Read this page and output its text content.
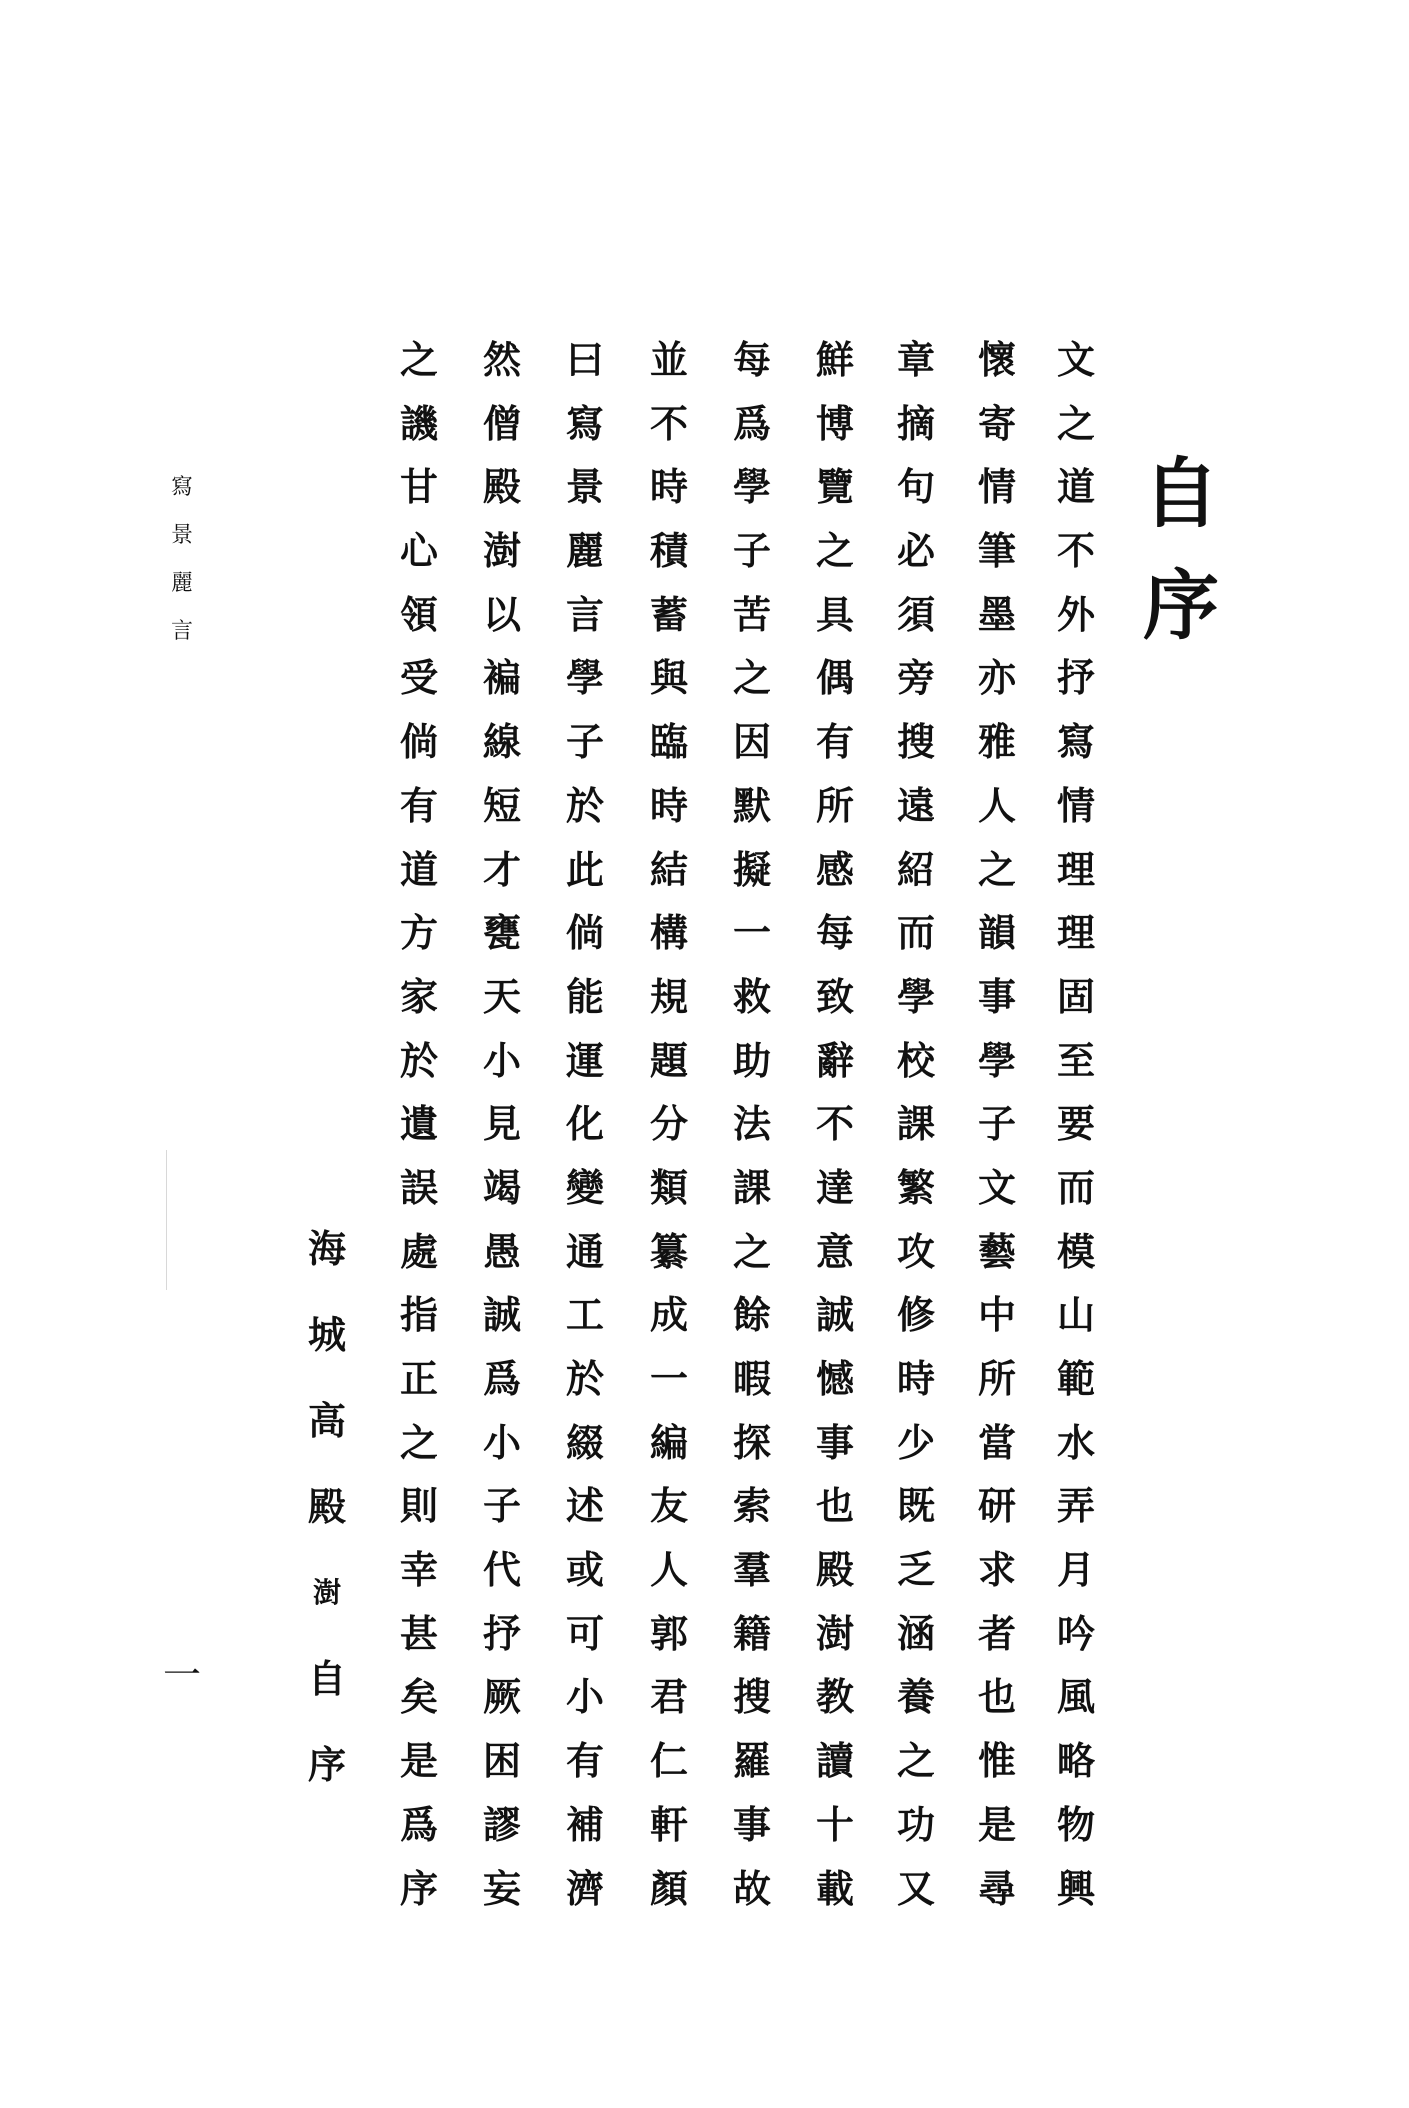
自
序
文
之
道
不
外
抒
寫
情
理
理
固
至
要
而
模
山
範
水
弄
月
吟
風
略
物
興
懷
寄
情
筆
墨
亦
雅
人
之
韻
事
學
子
文
藝
中
所
當
研
求
者
也
惟
是
尋
章
摘
句
必
須
旁
搜
遠
紹
而
學
校
課
繁
攻
修
時
少
既
乏
涵
養
之
功
又
鮮
博
覽
之
具
偶
有
所
感
每
致
辭
不
達
意
誠
憾
事
也
殿
澍
教
讀
十
載
每
爲
學
子
苦
之
因
默
擬
一
救
助
法
課
之
餘
暇
探
索
羣
籍
搜
羅
事
故
並
不
時
積
蓄
與
臨
時
結
構
規
題
分
類
纂
成
一
編
友
人
郭
君
仁
軒
顏
曰
寫
景
麗
言
學
子
於
此
倘
能
運
化
變
通
工
於
綴
述
或
可
小
有
補
濟
然
僧
殿
澍
以
褊
線
短
才
甕
天
小
見
竭
愚
誠
爲
小
子
代
抒
厥
困
謬
妄
之
譏
甘
心
領
受
倘
有
道
方
家
於
遺
誤
處
指
正
之
則
幸
甚
矣
是
爲
序
海
城
高
殿
澍
自
序
寫
景
麗
言
一
